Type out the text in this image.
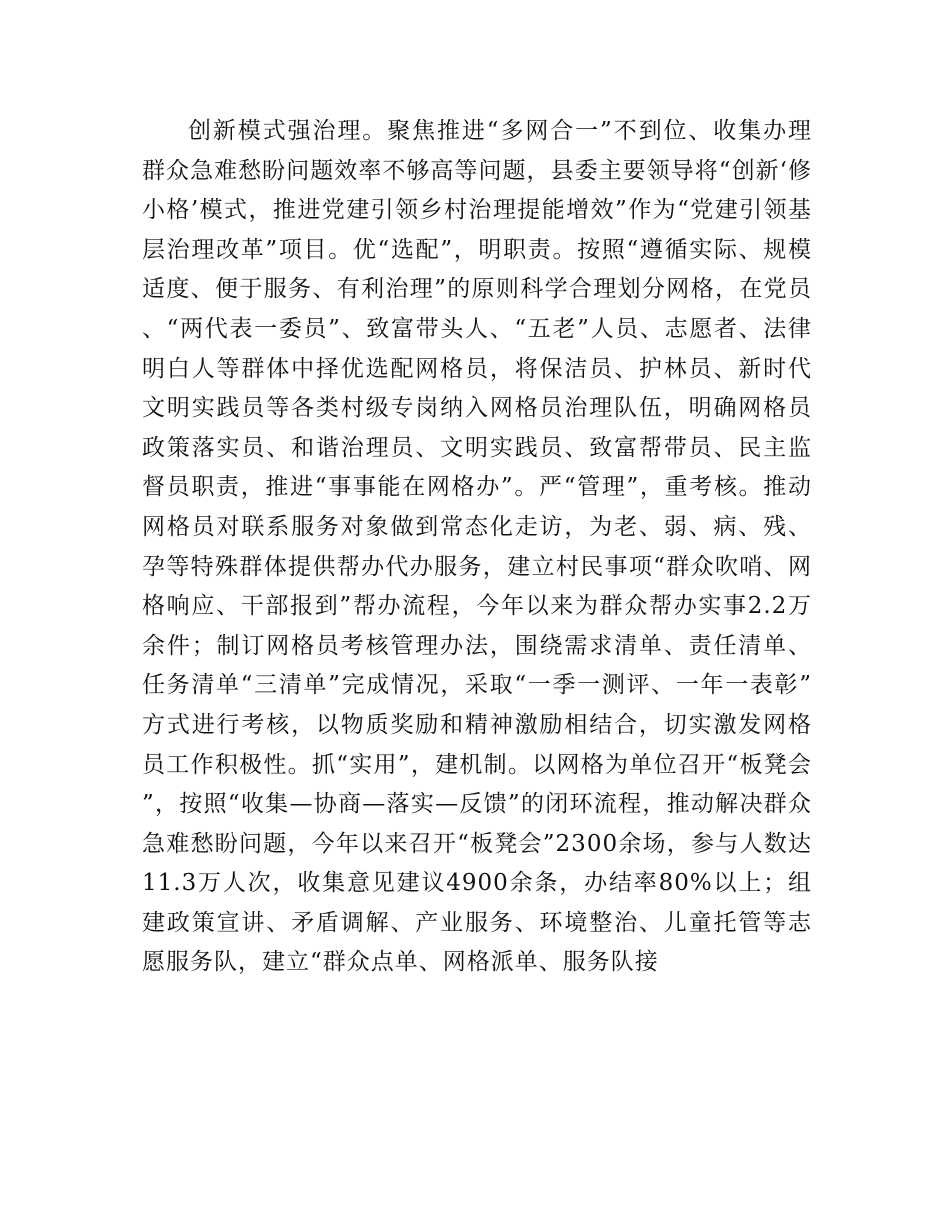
创新模式强治理。聚焦推进“多网合一”不到位、收集办理群众急难愁盼问题效率不够高等问题，县委主要领导将“创新‘修小格’模式，推进党建引领乡村治理提能增效”作为“党建引领基层治理改革”项目。优“选配”，明职责。按照“遵循实际、规模适度、便于服务、有利治理”的原则科学合理划分网格，在党员、“两代表一委员”、致富带头人、“五老”人员、志愿者、法律明白人等群体中择优选配网格员，将保洁员、护林员、新时代文明实践员等各类村级专岗纳入网格员治理队伍，明确网格员政策落实员、和谐治理员、文明实践员、致富帮带员、民主监督员职责，推进“事事能在网格办”。严“管理”，重考核。推动网格员对联系服务对象做到常态化走访，为老、弱、病、残、孕等特殊群体提供帮办代办服务，建立村民事项“群众吹哨、网格响应、干部报到”帮办流程，今年以来为群众帮办实事2.2万余件；制订网格员考核管理办法，围绕需求清单、责任清单、任务清单“三清单”完成情况，采取“一季一测评、一年一表彰”方式进行考核，以物质奖励和精神激励相结合，切实激发网格员工作积极性。抓“实用”，建机制。以网格为单位召开“板凳会”，按照“收集—协商—落实—反馈”的闭环流程，推动解决群众急难愁盼问题，今年以来召开“板凳会”2300余场，参与人数达11.3万人次，收集意见建议4900余条，办结率80%以上；组建政策宣讲、矛盾调解、产业服务、环境整治、儿童托管等志愿服务队，建立“群众点单、网格派单、服务队接
